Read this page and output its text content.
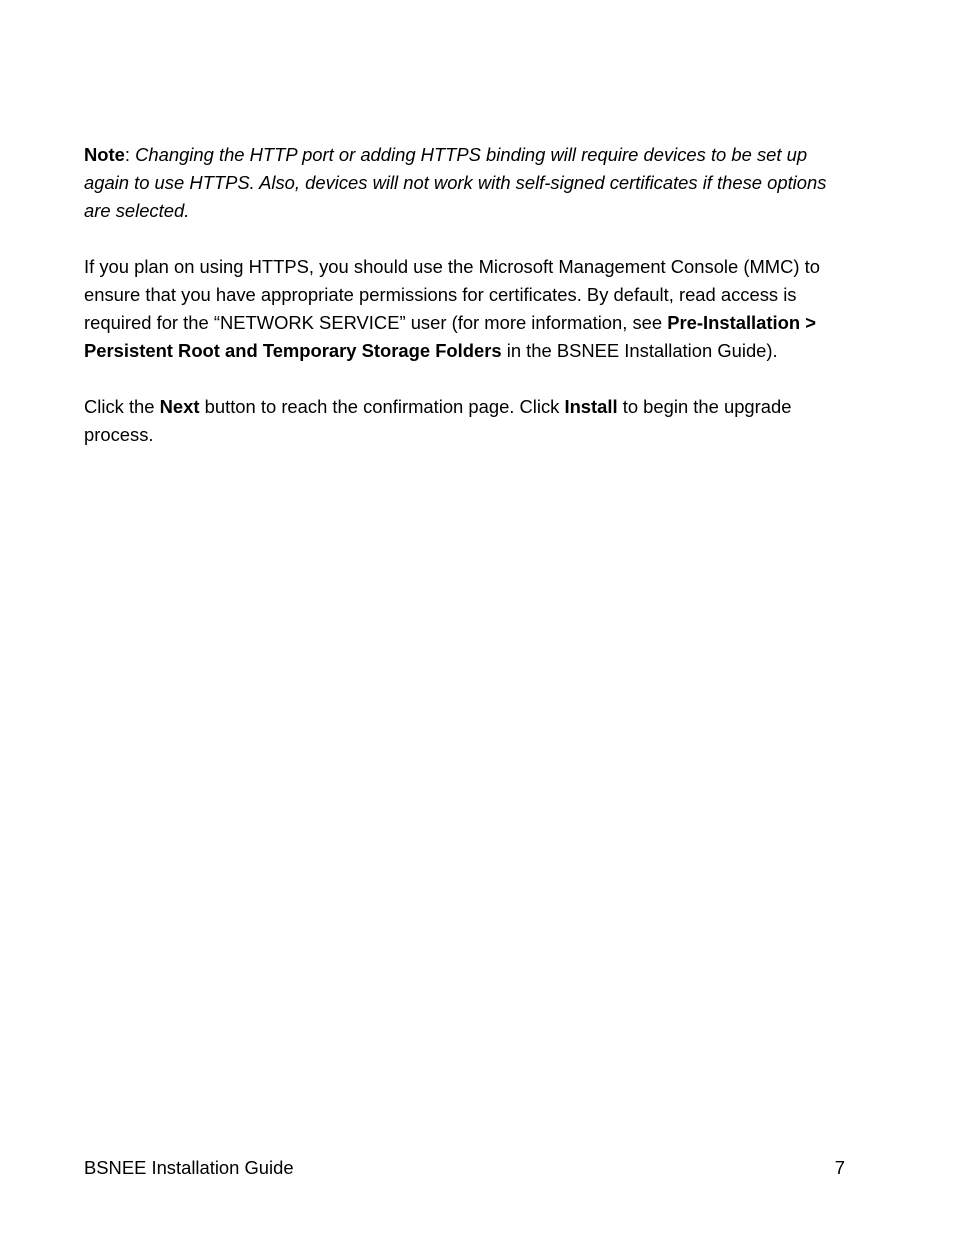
Note: Changing the HTTP port or adding HTTPS binding will require devices to be set up again to use HTTPS. Also, devices will not work with self-signed certificates if these options are selected.

If you plan on using HTTPS, you should use the Microsoft Management Console (MMC) to ensure that you have appropriate permissions for certificates. By default, read access is required for the “NETWORK SERVICE” user (for more information, see Pre-Installation > Persistent Root and Temporary Storage Folders in the BSNEE Installation Guide).

Click the Next button to reach the confirmation page. Click Install to begin the upgrade process.

BSNEE Installation Guide	7
